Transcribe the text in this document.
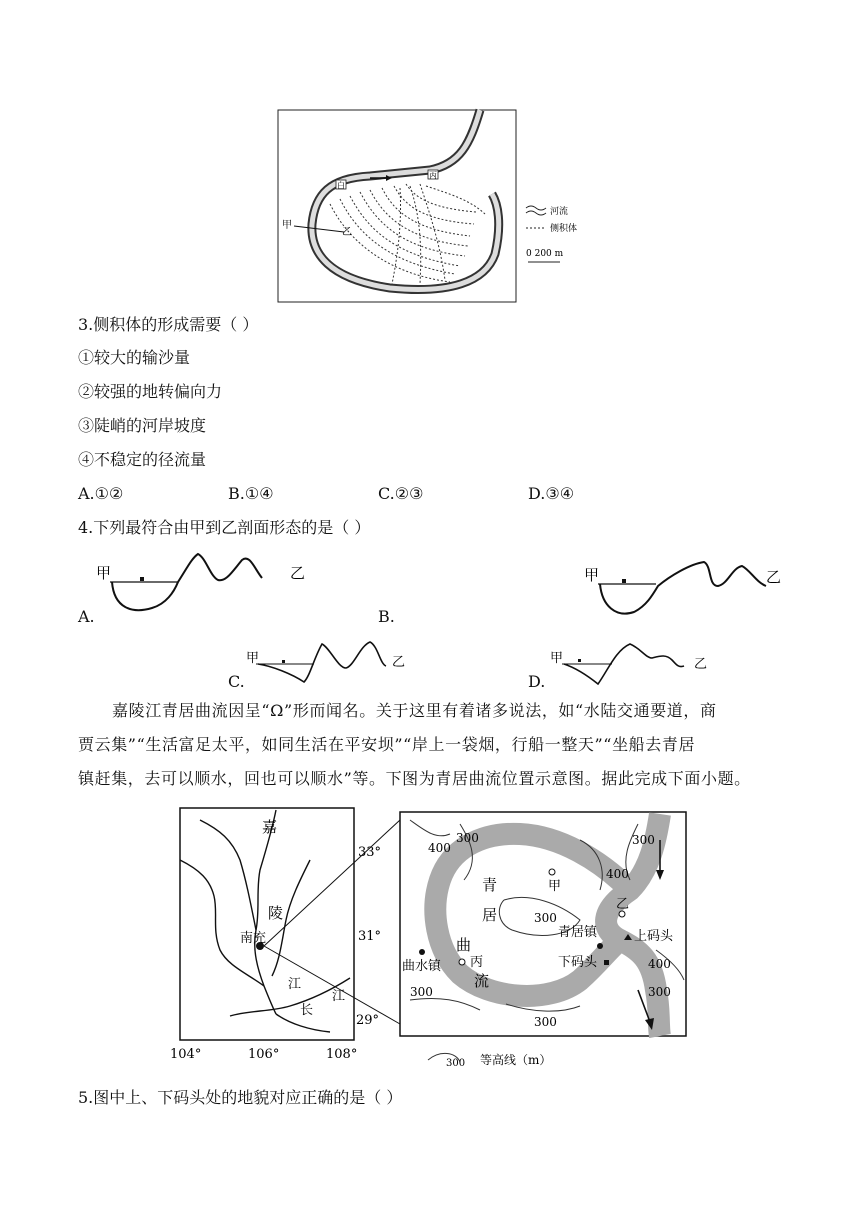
白
丙
甲
乙
河流
侧积体
0 200 m
3.侧积体的形成需要（ ）
①较大的输沙量
②较强的地转偏向力
③陡峭的河岸坡度
④不稳定的径流量
A.①②	B.①④	C.②③	D.③④
4.下列最符合由甲到乙剖面形态的是（ ）
甲	乙
A.
甲	乙
B.
甲	乙
C.
甲	乙
D.
嘉陵江青居曲流因呈“Ω”形而闻名。关于这里有着诸多说法，如“水陆交通要道，商
贾云集”“生活富足太平，如同生活在平安坝”“岸上一袋烟，行船一整天”“坐船去青居
镇赶集，去可以顺水，回也可以顺水”等。下图为青居曲流位置示意图。据此完成下面小题。
嘉
陵
南充
江
江
长
33°
31°
29°
104°	106°	108°
400
300
300
400
300
400
300
300
300
青
居
曲
流
甲
乙
丙
青居镇	上码头
下码头
曲水镇
300 等高线（m）
5.图中上、下码头处的地貌对应正确的是（ ）
